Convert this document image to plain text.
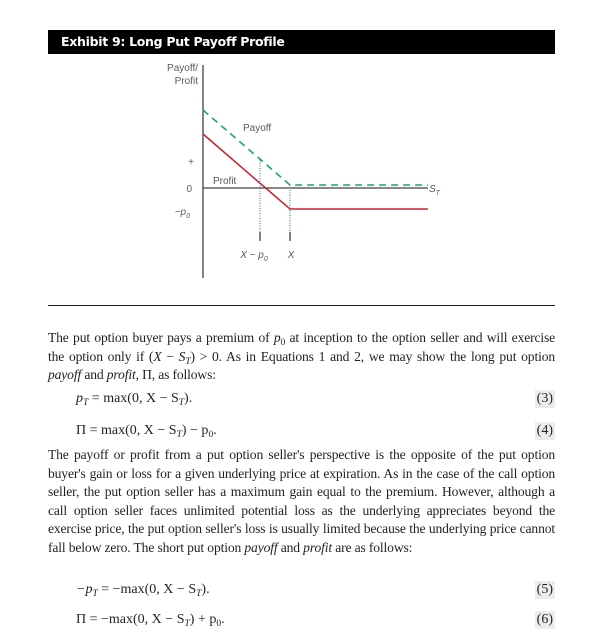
Exhibit 9: Long Put Payoff Profile
Payoff/
Profit
+
0
$-p_0$
$X - p_0$ X
$S_T$
Payoff
Profit
The put option buyer pays a premium of $p_0$ at inception to the option seller and will exercise the option only if $(X - S_T) > 0$. As in Equations 1 and 2, we may show the long put option payoff and profit, Π, as follows:
$p_T = \max(0$, $X - S_T$).	(3)
Π = max(0, $X - S_T) - p_0$.	(4)
The payoff or profit from a put option seller's perspective is the opposite of the put option buyer's gain or loss for a given underlying price at expiration. As in the case of the call option seller, the put option seller has a maximum gain equal to the premium. However, although a call option seller faces unlimited potential loss as the underlying appreciates beyond the exercise price, the put option seller's loss is usually limited because the underlying price cannot fall below zero. The short put option payoff and profit are as follows:
$-p_T = -\max(0$, $X - S_T$).	(5)
Π = −max(0, $X - S_T) + p_0$.	(6)
